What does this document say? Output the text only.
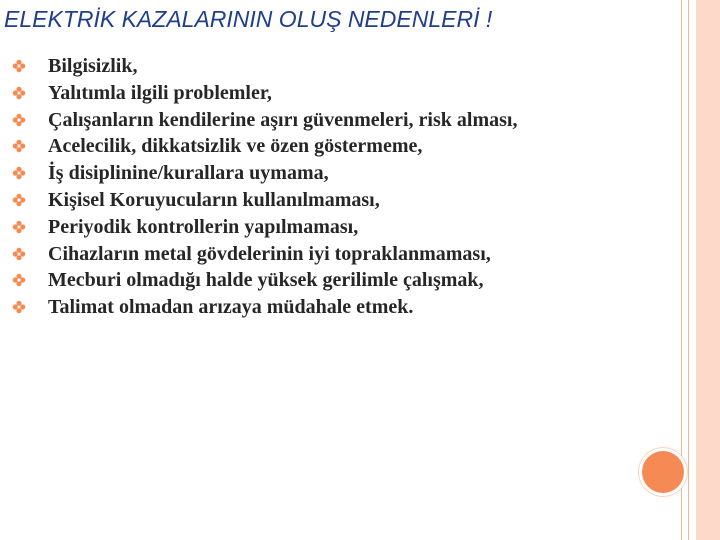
ELEKTRİK KAZALARININ OLUŞ NEDENLERİ !
Bilgisizlik,
Yalıtımla ilgili problemler,
Çalışanların kendilerine aşırı güvenmeleri, risk alması,
Acelecilik, dikkatsizlik ve özen göstermeme,
İş disiplinine/kurallara uymama,
Kişisel Koruyucuların kullanılmaması,
Periyodik kontrollerin yapılmaması,
Cihazların metal gövdelerinin iyi topraklanmaması,
Mecburi olmadığı halde yüksek gerilimle çalışmak,
Talimat olmadan arızaya müdahale etmek.
